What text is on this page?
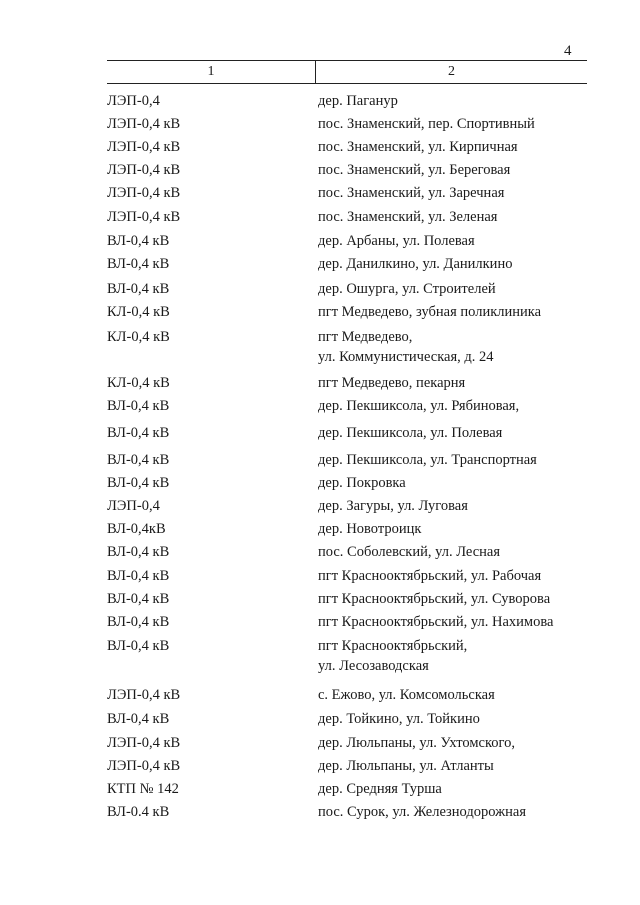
4
1	2
ЛЭП-0,4	дер. Паганур
ЛЭП-0,4 кВ	пос. Знаменский, пер. Спортивный
ЛЭП-0,4 кВ	пос. Знаменский, ул. Кирпичная
ЛЭП-0,4 кВ	пос. Знаменский, ул. Береговая
ЛЭП-0,4 кВ	пос. Знаменский, ул. Заречная
ЛЭП-0,4 кВ	пос. Знаменский, ул. Зеленая
ВЛ-0,4 кВ	дер. Арбаны, ул. Полевая
ВЛ-0,4 кВ	дер. Данилкино, ул. Данилкино
ВЛ-0,4 кВ	дер. Ошурга, ул. Строителей
КЛ-0,4 кВ	пгт Медведево, зубная поликлиника
КЛ-0,4 кВ	пгт Медведево,
ул. Коммунистическая, д. 24
КЛ-0,4 кВ	пгт Медведево, пекарня
ВЛ-0,4 кВ	дер. Пекшиксола, ул. Рябиновая,
ВЛ-0,4 кВ	дер. Пекшиксола, ул. Полевая
ВЛ-0,4 кВ	дер. Пекшиксола, ул. Транспортная
ВЛ-0,4 кВ	дер. Покровка
ЛЭП-0,4	дер. Загуры, ул. Луговая
ВЛ-0,4кВ	дер. Новотроицк
ВЛ-0,4 кВ	пос. Соболевский, ул. Лесная
ВЛ-0,4 кВ	пгт Краснооктябрьский, ул. Рабочая
ВЛ-0,4 кВ	пгт Краснооктябрьский, ул. Суворова
ВЛ-0,4 кВ	пгт Краснооктябрьский, ул. Нахимова
ВЛ-0,4 кВ	пгт Краснооктябрьский,
ул. Лесозаводская
ЛЭП-0,4 кВ	с. Ежово, ул. Комсомольская
ВЛ-0,4 кВ	дер. Тойкино, ул. Тойкино
ЛЭП-0,4 кВ	дер. Люльпаны, ул. Ухтомского,
ЛЭП-0,4 кВ	дер. Люльпаны, ул. Атланты
КТП № 142	дер. Средняя Турша
ВЛ-0.4 кВ	пос. Сурок, ул. Железнодорожная
